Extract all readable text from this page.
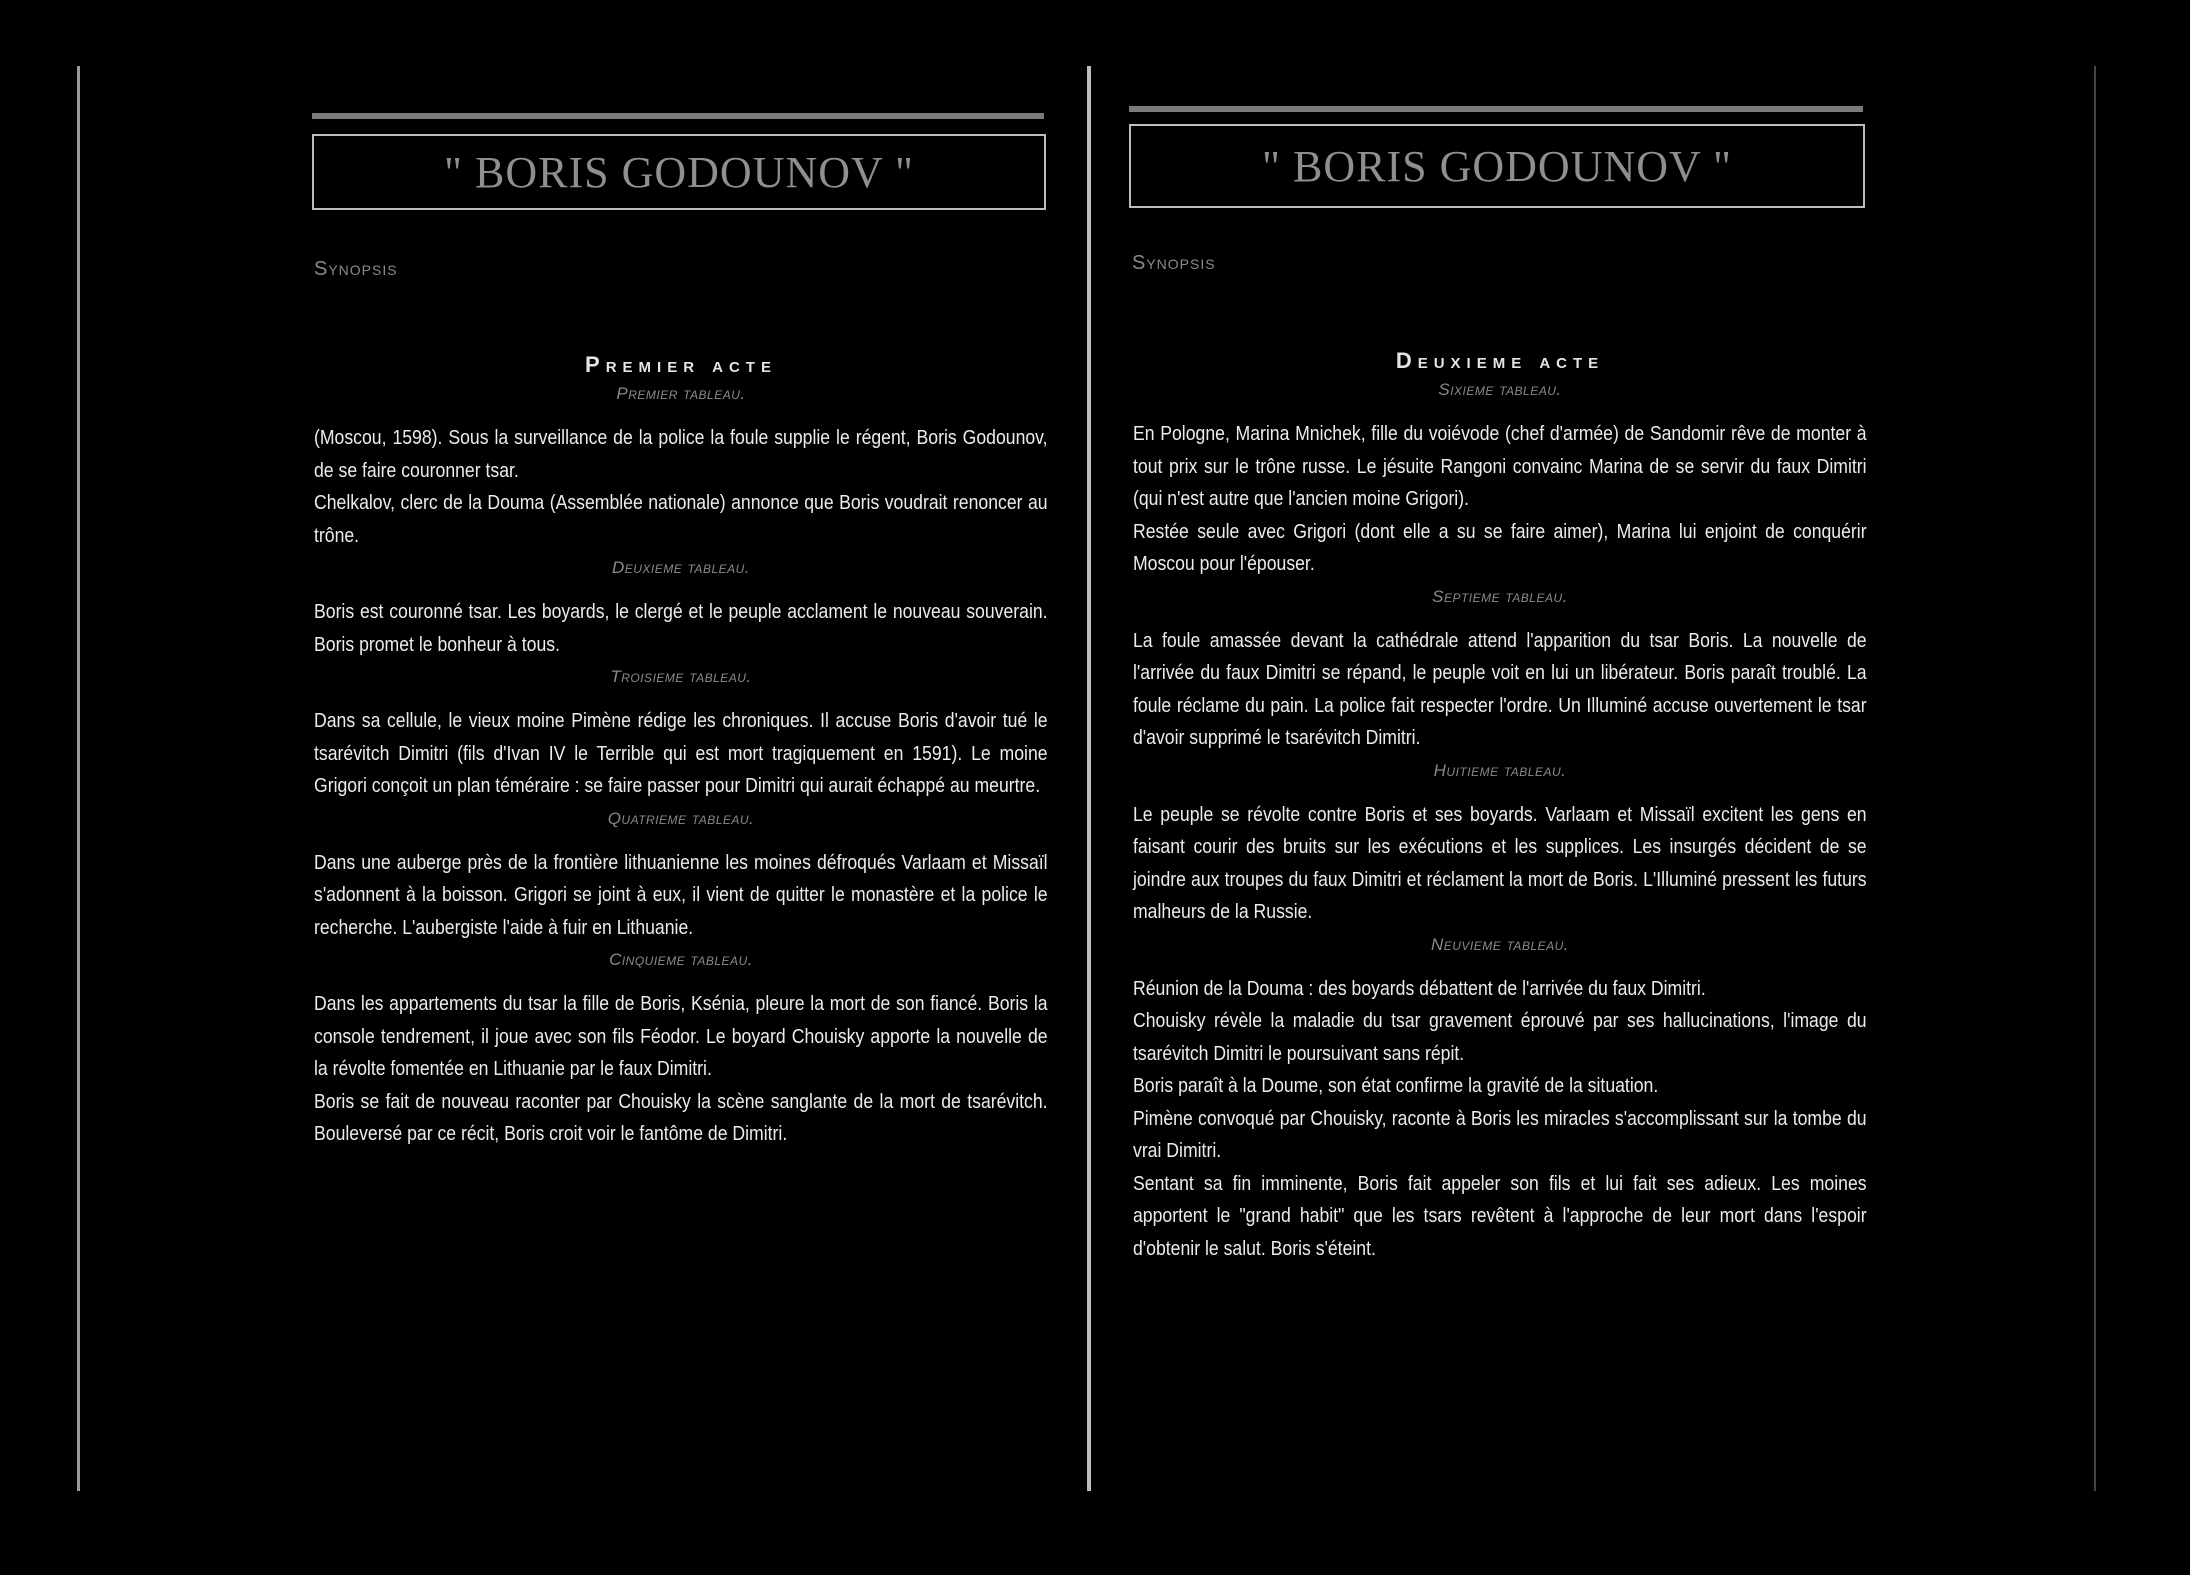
" BORIS GODOUNOV "
Synopsis
Premier acte
Premier tableau.

(Moscou, 1598). Sous la surveillance de la police la foule supplie le régent, Boris Godounov, de se faire couronner tsar.

Chelkalov, clerc de la Douma (Assemblée nationale) annonce que Boris voudrait renoncer au trône.

Deuxieme tableau.

Boris est couronné tsar. Les boyards, le clergé et le peuple acclament le nouveau souverain. Boris promet le bonheur à tous.

Troisieme tableau.

Dans sa cellule, le vieux moine Pimène rédige les chroniques. Il accuse Boris d'avoir tué le tsarévitch Dimitri (fils d'Ivan IV le Terrible qui est mort tragiquement en 1591). Le moine Grigori conçoit un plan téméraire : se faire passer pour Dimitri qui aurait échappé au meurtre.

Quatrieme tableau.

Dans une auberge près de la frontière lithuanienne les moines défroqués Varlaam et Missaïl s'adonnent à la boisson. Grigori se joint à eux, il vient de quitter le monastère et la police le recherche. L'aubergiste l'aide à fuir en Lithuanie.

Cinquieme tableau.

Dans les appartements du tsar la fille de Boris, Ksénia, pleure la mort de son fiancé. Boris la console tendrement, il joue avec son fils Féodor. Le boyard Chouisky apporte la nouvelle de la révolte fomentée en Lithuanie par le faux Dimitri.

Boris se fait de nouveau raconter par Chouisky la scène sanglante de la mort de tsarévitch. Bouleversé par ce récit, Boris croit voir le fantôme de Dimitri.

" BORIS GODOUNOV "
Synopsis
Deuxieme acte
Sixieme tableau.

En Pologne, Marina Mnichek, fille du voiévode (chef d'armée) de Sandomir rêve de monter à tout prix sur le trône russe. Le jésuite Rangoni convainc Marina de se servir du faux Dimitri (qui n'est autre que l'ancien moine Grigori).

Restée seule avec Grigori (dont elle a su se faire aimer), Marina lui enjoint de conquérir Moscou pour l'épouser.

Septieme tableau.

La foule amassée devant la cathédrale attend l'apparition du tsar Boris. La nouvelle de l'arrivée du faux Dimitri se répand, le peuple voit en lui un libérateur. Boris paraît troublé. La foule réclame du pain. La police fait respecter l'ordre. Un Illuminé accuse ouvertement le tsar d'avoir supprimé le tsarévitch Dimitri.

Huitieme tableau.

Le peuple se révolte contre Boris et ses boyards. Varlaam et Missaïl excitent les gens en faisant courir des bruits sur les exécutions et les supplices. Les insurgés décident de se joindre aux troupes du faux Dimitri et réclament la mort de Boris. L'Illuminé pressent les futurs malheurs de la Russie.

Neuvieme tableau.

Réunion de la Douma : des boyards débattent de l'arrivée du faux Dimitri.

Chouisky révèle la maladie du tsar gravement éprouvé par ses hallucinations, l'image du tsarévitch Dimitri le poursuivant sans répit.

Boris paraît à la Doume, son état confirme la gravité de la situation.

Pimène convoqué par Chouisky, raconte à Boris les miracles s'accomplissant sur la tombe du vrai Dimitri.

Sentant sa fin imminente, Boris fait appeler son fils et lui fait ses adieux. Les moines apportent le "grand habit" que les tsars revêtent à l'approche de leur mort dans l'espoir d'obtenir le salut. Boris s'éteint.
